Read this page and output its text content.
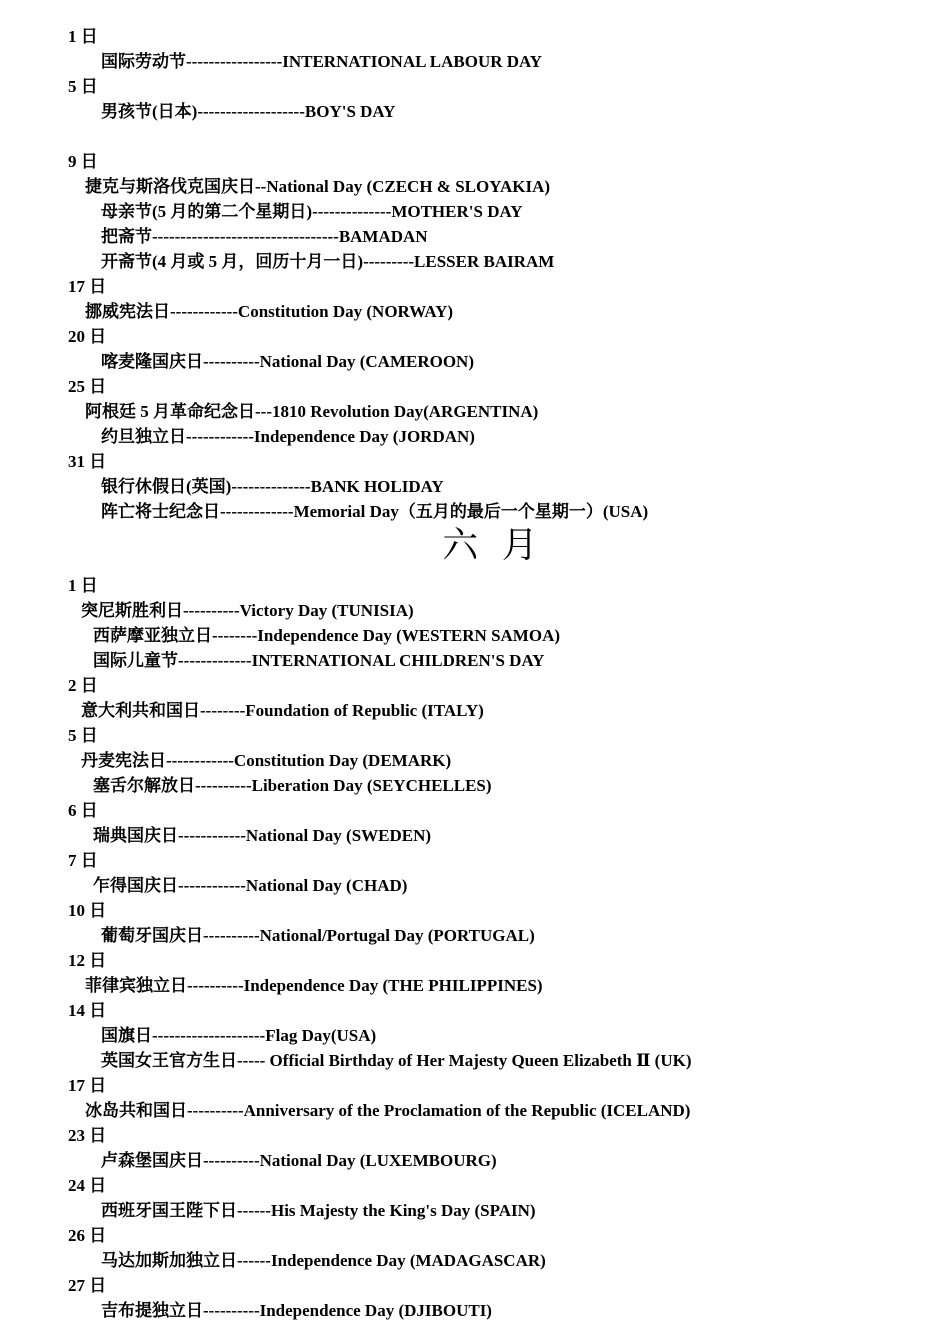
1 日
国际劳动节-----------------INTERNATIONAL LABOUR DAY
5 日
男孩节(日本)-------------------BOY'S DAY
9 日
捷克与斯洛伐克国庆日--National Day (CZECH & SLOYAKIA)
母亲节(5 月的第二个星期日)--------------MOTHER'S DAY
把斋节---------------------------------BAMADAN
开斋节(4 月或 5 月，回历十月一日)---------LESSER BAIRAM
17 日
挪威宪法日------------Constitution Day (NORWAY)
20 日
喀麦隆国庆日----------National Day (CAMEROON)
25 日
阿根廷 5 月革命纪念日---1810 Revolution Day(ARGENTINA)
约旦独立日------------Independence Day (JORDAN)
31 日
银行休假日(英国)--------------BANK HOLIDAY
阵亡将士纪念日-------------Memorial Day（五月的最后一个星期一）(USA)
六 月
1 日
突尼斯胜利日----------Victory Day (TUNISIA)
西萨摩亚独立日--------Independence Day (WESTERN SAMOA)
国际儿童节-------------INTERNATIONAL CHILDREN'S DAY
2 日
意大利共和国日--------Foundation of Republic (ITALY)
5 日
丹麦宪法日------------Constitution Day (DEMARK)
塞舌尔解放日----------Liberation Day (SEYCHELLES)
6 日
瑞典国庆日------------National Day (SWEDEN)
7 日
乍得国庆日------------National Day (CHAD)
10 日
葡萄牙国庆日----------National/Portugal Day (PORTUGAL)
12 日
菲律宾独立日----------Independence Day (THE PHILIPPINES)
14 日
国旗日--------------------Flag Day(USA)
英国女王官方生日----- Official Birthday of Her Majesty Queen Elizabeth Ⅱ (UK)
17 日
冰岛共和国日----------Anniversary of the Proclamation of the Republic (ICELAND)
23 日
卢森堡国庆日----------National Day (LUXEMBOURG)
24 日
西班牙国王陛下日------His Majesty the King's Day (SPAIN)
26 日
马达加斯加独立日------Independence Day (MADAGASCAR)
27 日
吉布提独立日----------Independence Day (DJIBOUTI)
